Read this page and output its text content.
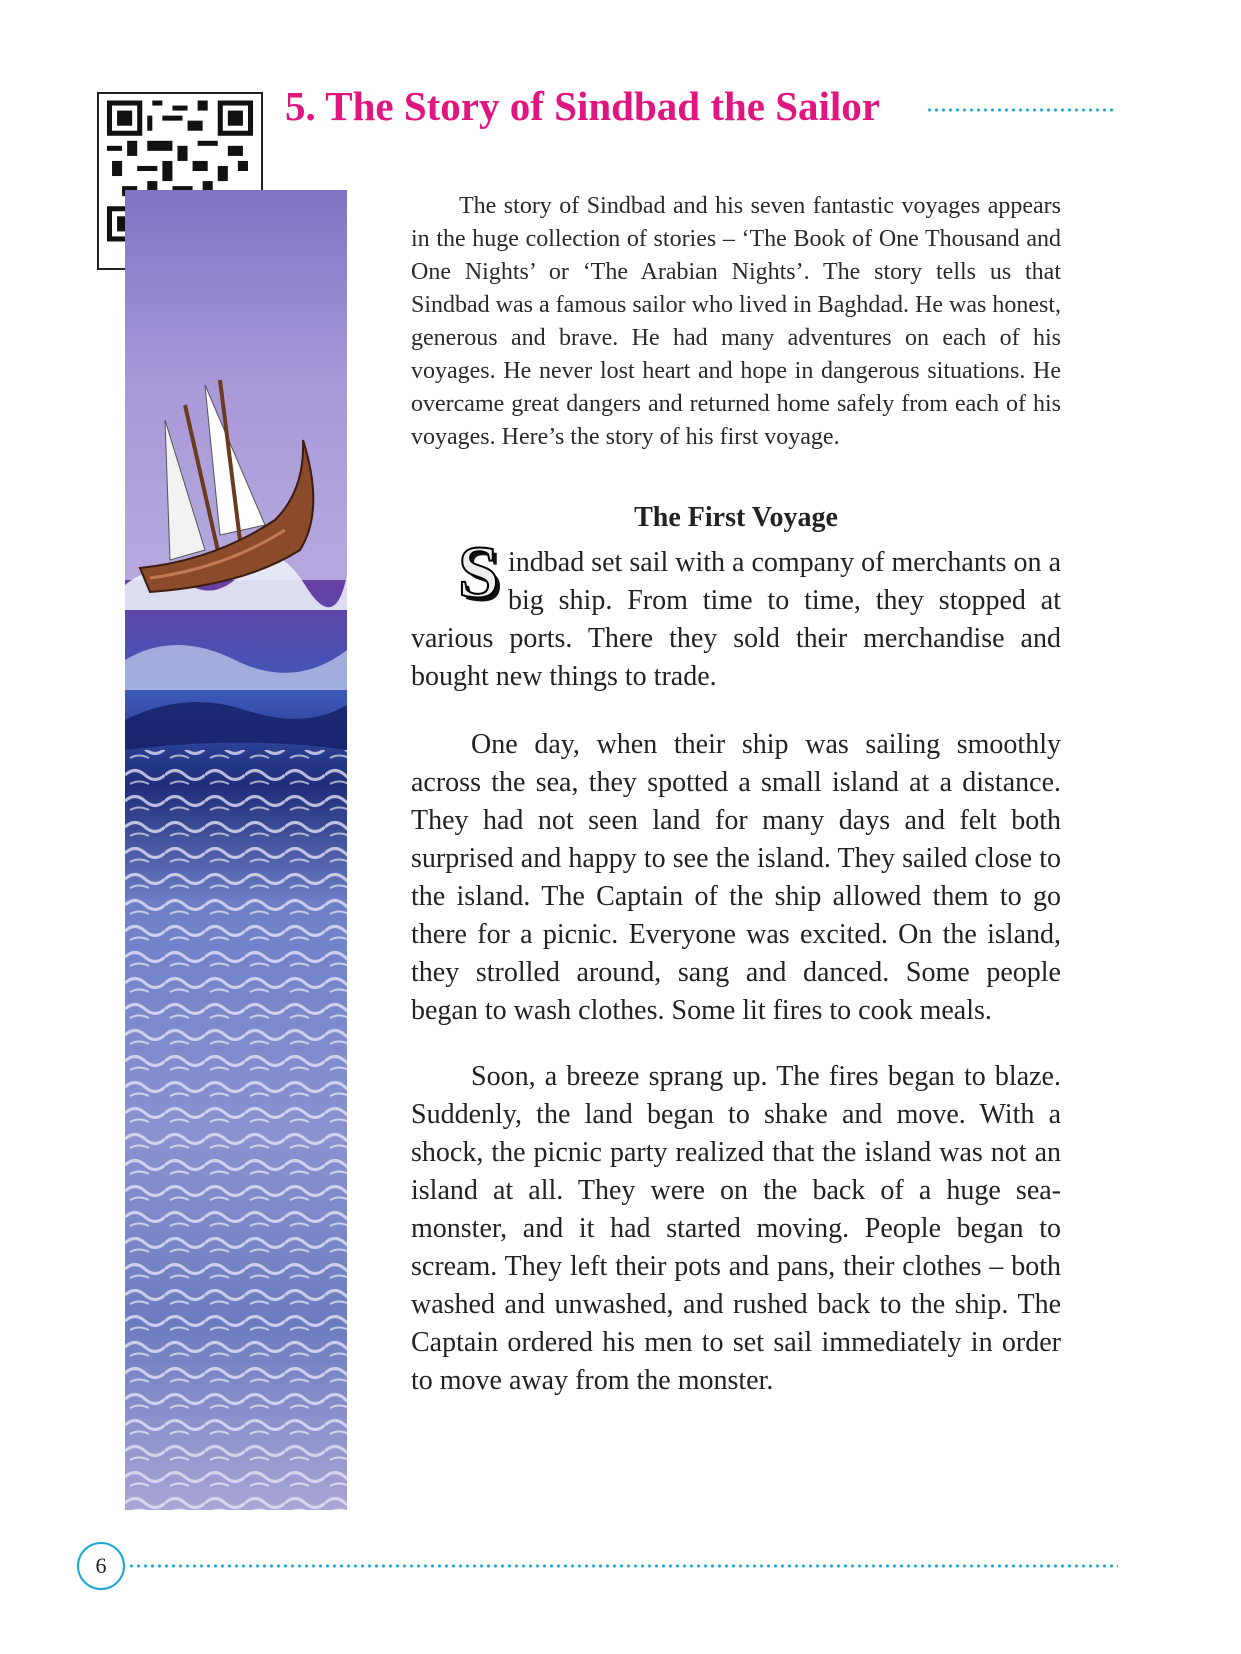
5. The Story of Sindbad the Sailor

The story of Sindbad and his seven fantastic voyages appears in the huge collection of stories – ‘The Book of One Thousand and One Nights’ or ‘The Arabian Nights’. The story tells us that Sindbad was a famous sailor who lived in Baghdad. He was honest, generous and brave. He had many adventures on each of his voyages. He never lost heart and hope in dangerous situations. He overcame great dangers and returned home safely from each of his voyages. Here’s the story of his first voyage.

The First Voyage

S indbad set sail with a company of merchants on a big ship. From time to time, they stopped at various ports. There they sold their merchandise and bought new things to trade.

One day, when their ship was sailing smoothly across the sea, they spotted a small island at a distance. They had not seen land for many days and felt both surprised and happy to see the island. They sailed close to the island. The Captain of the ship allowed them to go there for a picnic. Everyone was excited. On the island, they strolled around, sang and danced. Some people began to wash clothes. Some lit fires to cook meals.

Soon, a breeze sprang up. The fires began to blaze. Suddenly, the land began to shake and move. With a shock, the picnic party realized that the island was not an island at all. They were on the back of a huge sea-monster, and it had started moving. People began to scream. They left their pots and pans, their clothes – both washed and unwashed, and rushed back to the ship. The Captain ordered his men to set sail immediately in order to move away from the monster.

6
